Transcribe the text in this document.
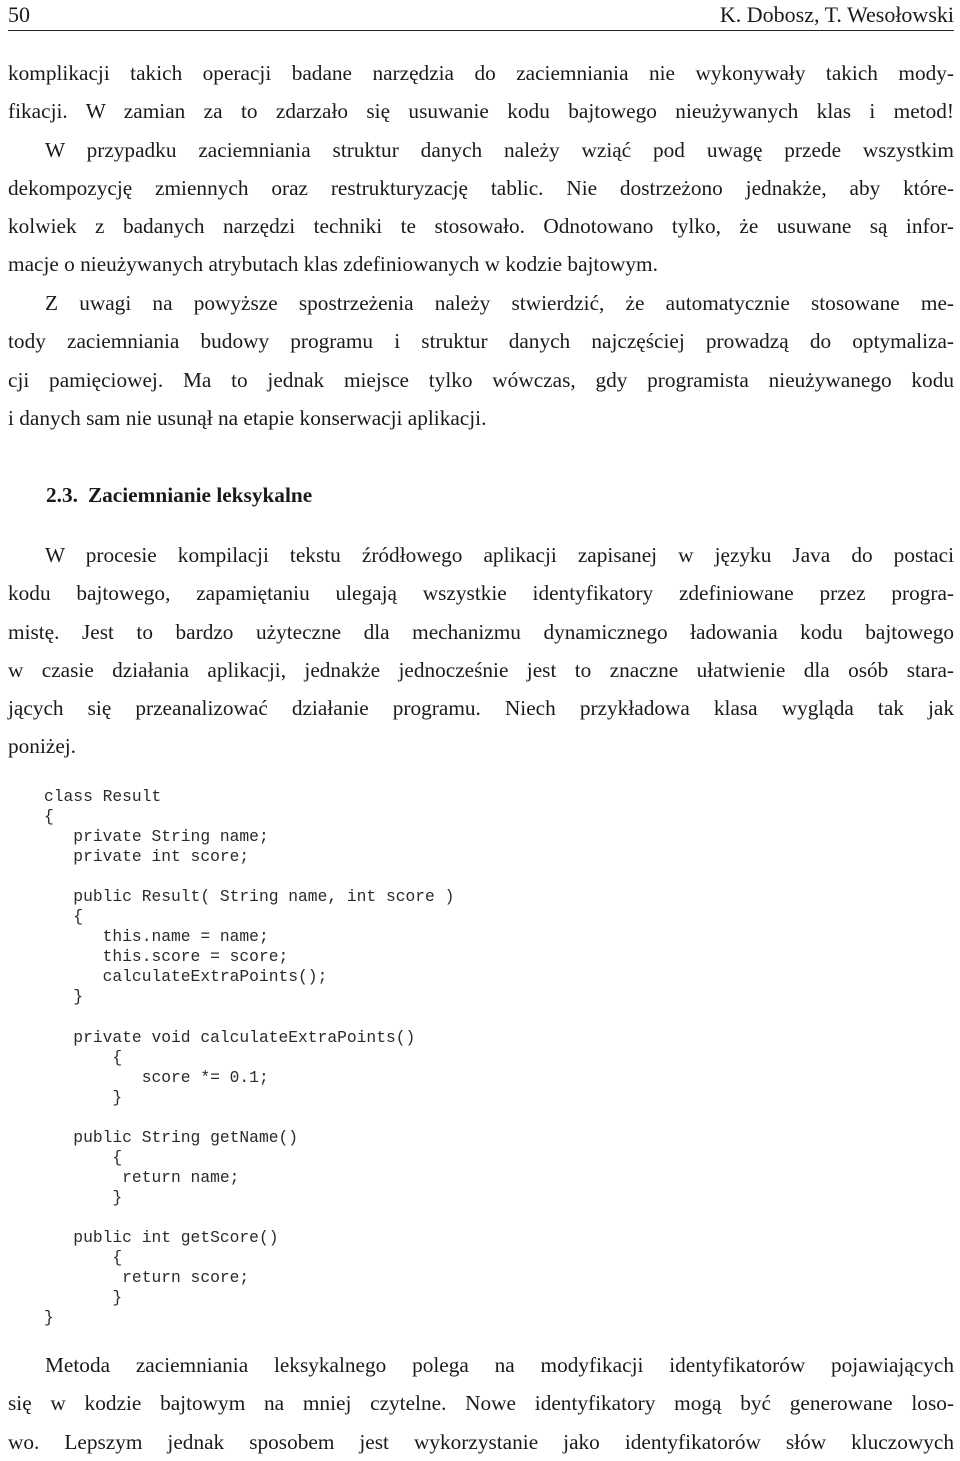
50	K. Dobosz, T. Wesołowski
komplikacji takich operacji badane narzędzia do zaciemniania nie wykonywały takich mody-
fikacji. W zamian za to zdarzało się usuwanie kodu bajtowego nieużywanych klas i metod!
W przypadku zaciemniania struktur danych należy wziąć pod uwagę przede wszystkim
dekompozycję zmiennych oraz restrukturyzację tablic. Nie dostrzeżono jednakże, aby które-
kolwiek z badanych narzędzi techniki te stosowało. Odnotowano tylko, że usuwane są infor-
macje o nieużywanych atrybutach klas zdefiniowanych w kodzie bajtowym.
Z uwagi na powyższe spostrzeżenia należy stwierdzić, że automatycznie stosowane me-
tody zaciemniania budowy programu i struktur danych najczęściej prowadzą do optymaliza-
cji pamięciowej. Ma to jednak miejsce tylko wówczas, gdy programista nieużywanego kodu
i danych sam nie usunął na etapie konserwacji aplikacji.
2.3. Zaciemnianie leksykalne
W procesie kompilacji tekstu źródłowego aplikacji zapisanej w języku Java do postaci
kodu bajtowego, zapamiętaniu ulegają wszystkie identyfikatory zdefiniowane przez progra-
mistę. Jest to bardzo użyteczne dla mechanizmu dynamicznego ładowania kodu bajtowego
w czasie działania aplikacji, jednakże jednocześnie jest to znaczne ułatwienie dla osób stara-
jących się przeanalizować działanie programu. Niech przykładowa klasa wygląda tak jak
poniżej.
class Result
{
private String name;
private int score;
public Result( String name, int score )
{
this.name = name;
this.score = score;
calculateExtraPoints();
}
private void calculateExtraPoints()
{
score *= 0.1;
}
public String getName()
{
return name;
}
public int getScore()
{
return score;
}
}
Metoda zaciemniania leksykalnego polega na modyfikacji identyfikatorów pojawiających
się w kodzie bajtowym na mniej czytelne. Nowe identyfikatory mogą być generowane loso-
wo. Lepszym jednak sposobem jest wykorzystanie jako identyfikatorów słów kluczowych
